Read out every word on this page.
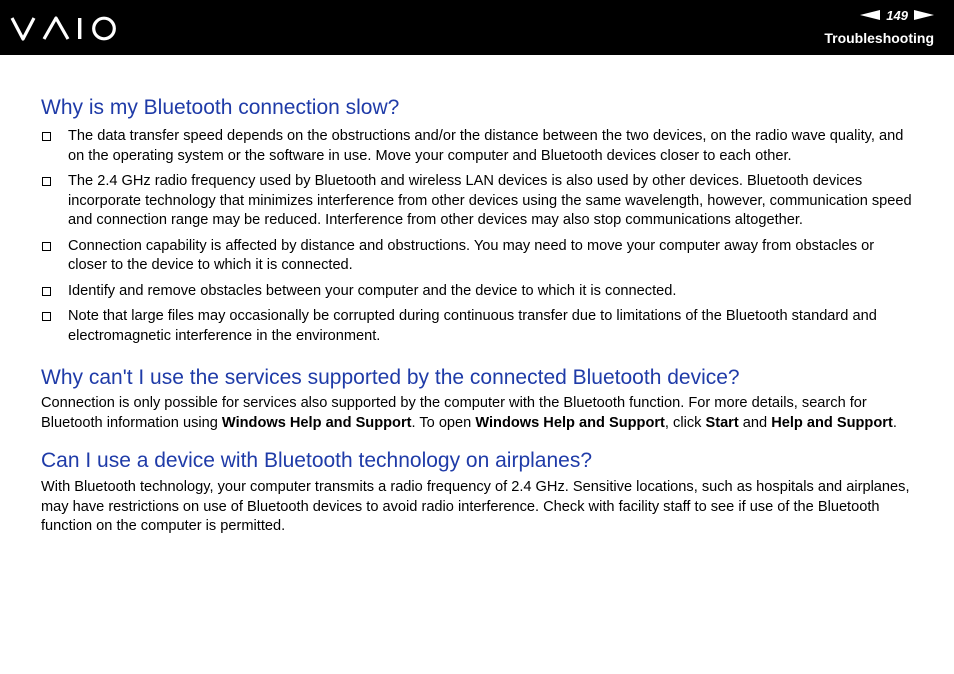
149
Troubleshooting
Why is my Bluetooth connection slow?
The data transfer speed depends on the obstructions and/or the distance between the two devices, on the radio wave quality, and on the operating system or the software in use. Move your computer and Bluetooth devices closer to each other.
The 2.4 GHz radio frequency used by Bluetooth and wireless LAN devices is also used by other devices. Bluetooth devices incorporate technology that minimizes interference from other devices using the same wavelength, however, communication speed and connection range may be reduced. Interference from other devices may also stop communications altogether.
Connection capability is affected by distance and obstructions. You may need to move your computer away from obstacles or closer to the device to which it is connected.
Identify and remove obstacles between your computer and the device to which it is connected.
Note that large files may occasionally be corrupted during continuous transfer due to limitations of the Bluetooth standard and electromagnetic interference in the environment.
Why can't I use the services supported by the connected Bluetooth device?

Connection is only possible for services also supported by the computer with the Bluetooth function. For more details, search for Bluetooth information using Windows Help and Support. To open Windows Help and Support, click Start and Help and Support.

Can I use a device with Bluetooth technology on airplanes?

With Bluetooth technology, your computer transmits a radio frequency of 2.4 GHz. Sensitive locations, such as hospitals and airplanes, may have restrictions on use of Bluetooth devices to avoid radio interference. Check with facility staff to see if use of the Bluetooth function on the computer is permitted.
